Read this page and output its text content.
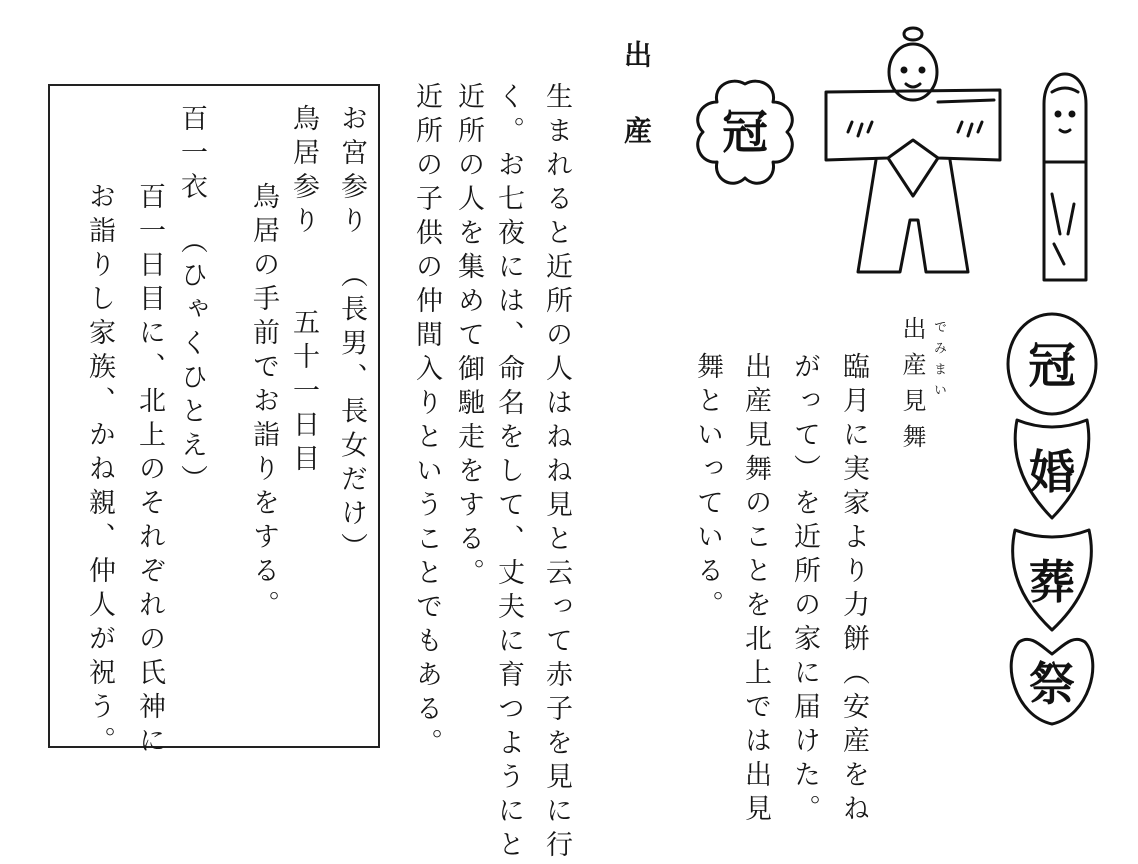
出　産
生まれると近所の人はねね見と云って赤子を見に行
く。お七夜には、命名をして、丈夫に育つようにと
近所の人を集めて御馳走をする。
近所の子供の仲間入りということでもある。
お宮参り　（長男、長女だけ）
鳥居参り　　五十一日目
鳥居の手前でお詣りをする。
百一衣　（ひゃくひとえ）
百一日目に、北上のそれぞれの氏神に
お詣りし家族、かね親、仲人が祝う。	出産見舞 でみまい
臨月に実家より力餅（安産をね
がって）を近所の家に届けた。
出産見舞のことを北上では出見
舞といっている。
冠
冠
婚
葬
祭
